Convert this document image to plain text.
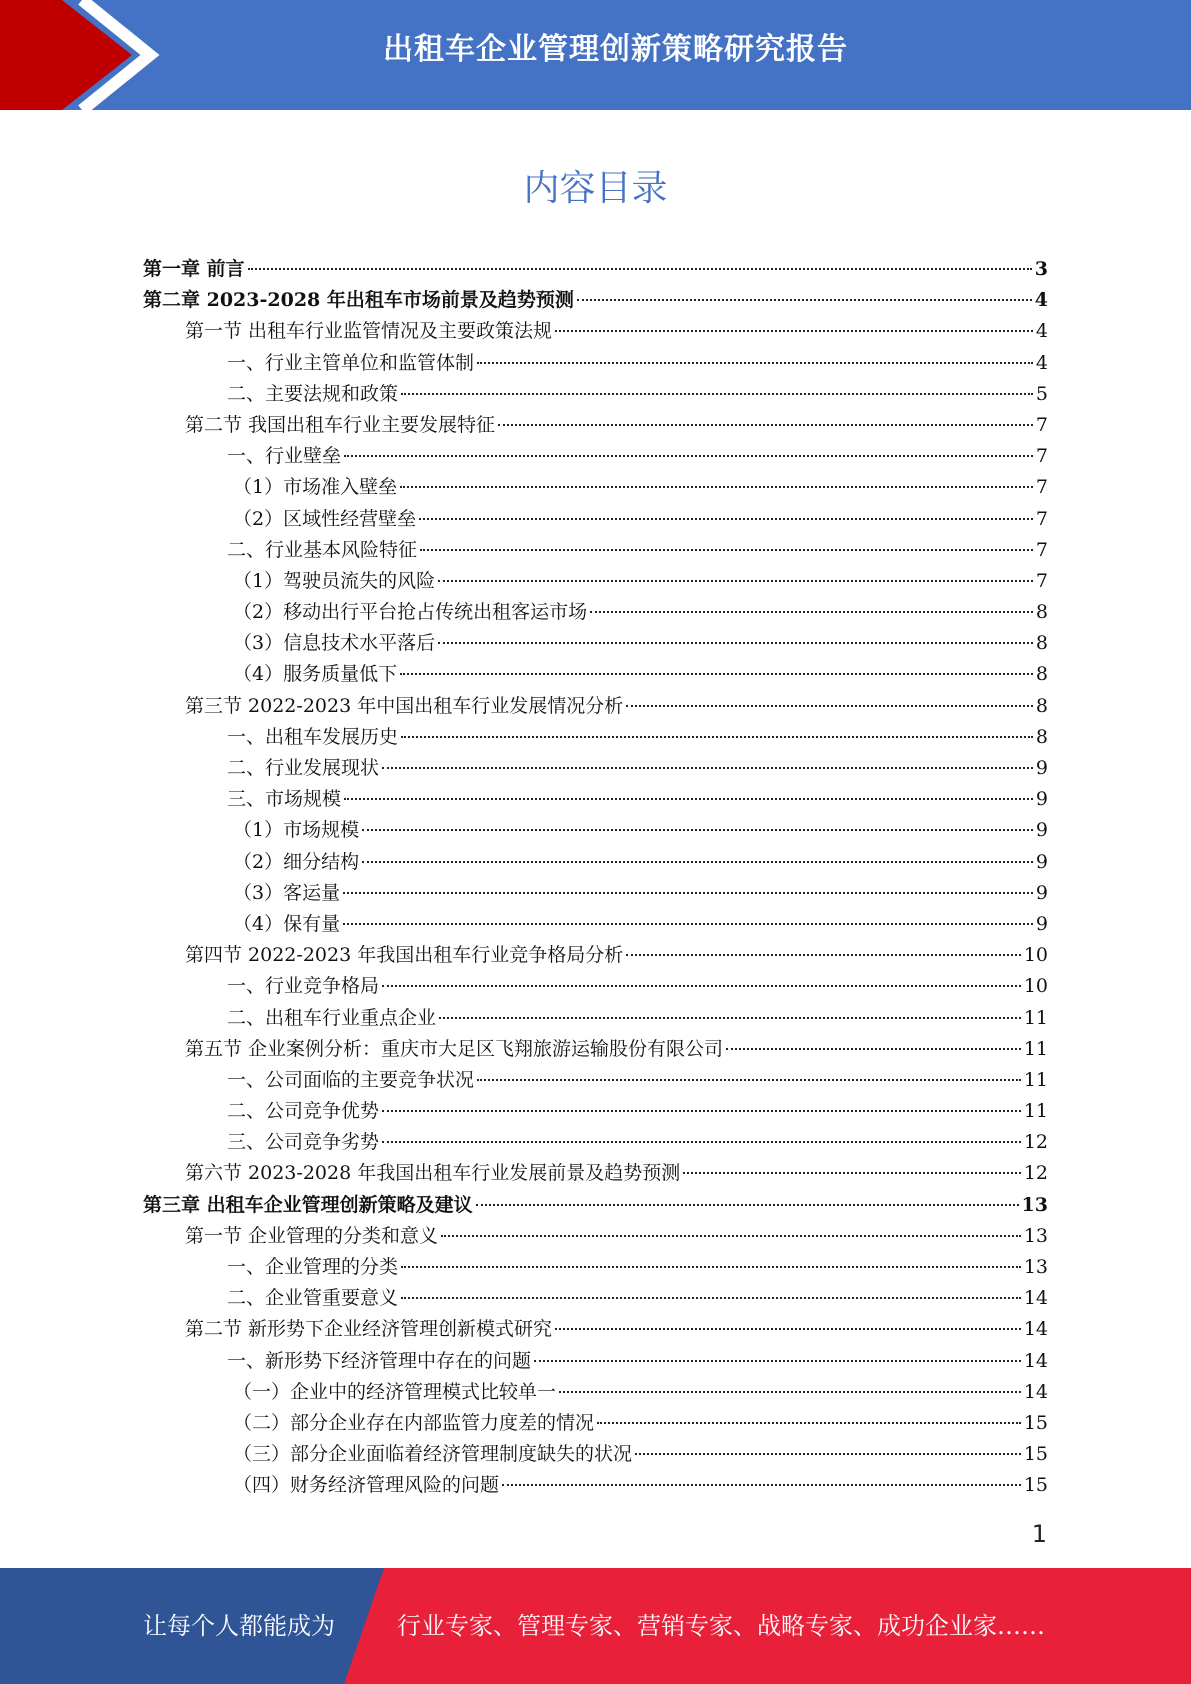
出租车企业管理创新策略研究报告
内容目录
第一章 前言	3
第二章 2023-2028 年出租车市场前景及趋势预测	4
第一节 出租车行业监管情况及主要政策法规	4
一、行业主管单位和监管体制	4
二、主要法规和政策	5
第二节 我国出租车行业主要发展特征	7
一、行业壁垒	7
（1）市场准入壁垒	7
（2）区域性经营壁垒	7
二、行业基本风险特征	7
（1）驾驶员流失的风险	7
（2）移动出行平台抢占传统出租客运市场	8
（3）信息技术水平落后	8
（4）服务质量低下	8
第三节 2022-2023 年中国出租车行业发展情况分析	8
一、出租车发展历史	8
二、行业发展现状	9
三、市场规模	9
（1）市场规模	9
（2）细分结构	9
（3）客运量	9
（4）保有量	9
第四节 2022-2023 年我国出租车行业竞争格局分析	10
一、行业竞争格局	10
二、出租车行业重点企业	11
第五节 企业案例分析：重庆市大足区飞翔旅游运输股份有限公司	11
一、公司面临的主要竞争状况	11
二、公司竞争优势	11
三、公司竞争劣势	12
第六节 2023-2028 年我国出租车行业发展前景及趋势预测	12
第三章 出租车企业管理创新策略及建议	13
第一节 企业管理的分类和意义	13
一、企业管理的分类	13
二、企业管重要意义	14
第二节 新形势下企业经济管理创新模式研究	14
一、新形势下经济管理中存在的问题	14
（一）企业中的经济管理模式比较单一	14
（二）部分企业存在内部监管力度差的情况	15
（三）部分企业面临着经济管理制度缺失的状况	15
（四）财务经济管理风险的问题	15
1
让每个人都能成为	行业专家、管理专家、营销专家、战略专家、成功企业家……
